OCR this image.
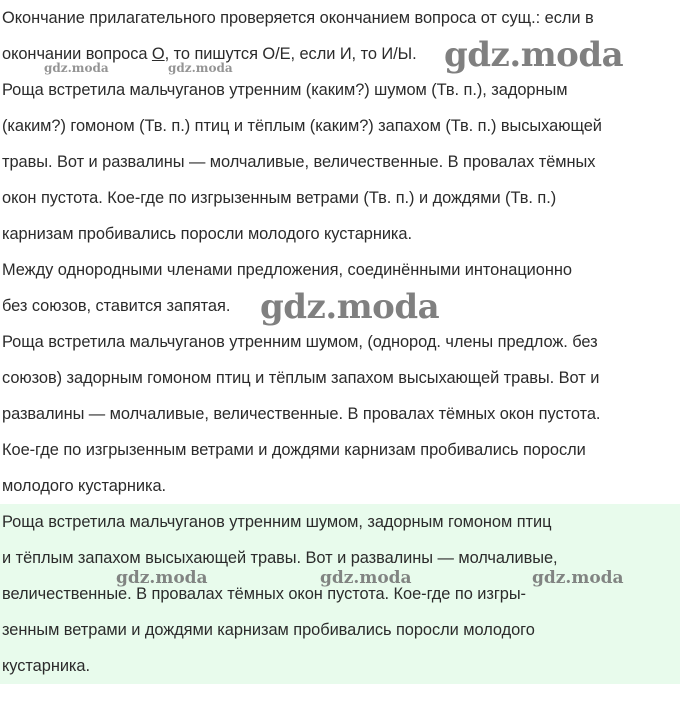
Окончание прилагательного проверяется окончанием вопроса от сущ.: если в
окончании вопроса О, то пишутся О/Е, если И, то И/Ы.
Роща встретила мальчуганов утренним (каким?) шумом (Тв. п.), задорным
(каким?) гомоном (Тв. п.) птиц и тёплым (каким?) запахом (Тв. п.) высыхающей
травы. Вот и развалины — молчаливые, величественные. В провалах тёмных
окон пустота. Кое-где по изгрызенным ветрами (Тв. п.) и дождями (Тв. п.)
карнизам пробивались поросли молодого кустарника.
Между однородными членами предложения, соединёнными интонационно
без союзов, ставится запятая.
Роща встретила мальчуганов утренним шумом, (однород. члены предлож. без
союзов) задорным гомоном птиц и тёплым запахом высыхающей травы. Вот и
развалины — молчаливые, величественные. В провалах тёмных окон пустота.
Кое-где по изгрызенным ветрами и дождями карнизам пробивались поросли
молодого кустарника.
Роща встретила мальчуганов утренним шумом, задорным гомоном птиц
и тёплым запахом высыхающей травы. Вот и развалины — молчаливые,
величественные. В провалах тёмных окон пустота. Кое-где по изгры-
зенным ветрами и дождями карнизам пробивались поросли молодого
кустарника.
gdz.moda
gdz.moda	gdz.moda
gdz.moda
gdz.moda	gdz.moda	gdz.moda
